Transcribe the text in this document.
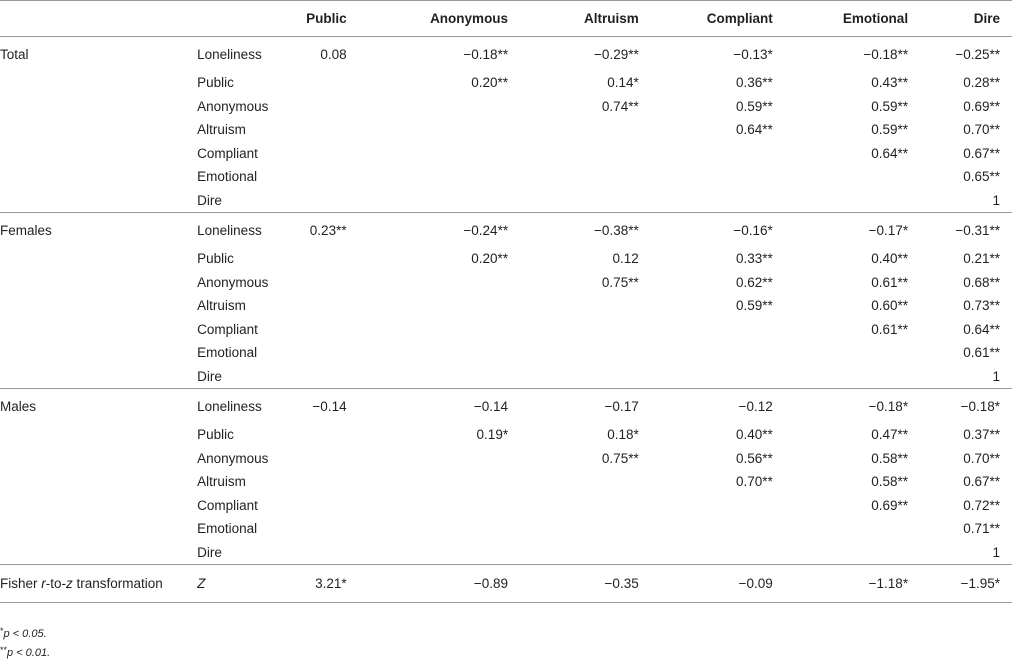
		Public	Anonymous	Altruism	Compliant	Emotional	Dire
Total	Loneliness	0.08	−0.18**	−0.29**	−0.13*	−0.18**	−0.25**
	Public		0.20**	0.14*	0.36**	0.43**	0.28**
	Anonymous			0.74**	0.59**	0.59**	0.69**
	Altruism				0.64**	0.59**	0.70**
	Compliant					0.64**	0.67**
	Emotional						0.65**
	Dire						1
Females	Loneliness	0.23**	−0.24**	−0.38**	−0.16*	−0.17*	−0.31**
	Public		0.20**	0.12	0.33**	0.40**	0.21**
	Anonymous			0.75**	0.62**	0.61**	0.68**
	Altruism				0.59**	0.60**	0.73**
	Compliant					0.61**	0.64**
	Emotional						0.61**
	Dire						1
Males	Loneliness	−0.14	−0.14	−0.17	−0.12	−0.18*	−0.18*
	Public		0.19*	0.18*	0.40**	0.47**	0.37**
	Anonymous			0.75**	0.56**	0.58**	0.70**
	Altruism				0.70**	0.58**	0.67**
	Compliant					0.69**	0.72**
	Emotional						0.71**
	Dire						1
Fisher r-to-z transformation	Z	3.21*	−0.89	−0.35	−0.09	−1.18*	−1.95*
*p < 0.05.
**p < 0.01.
